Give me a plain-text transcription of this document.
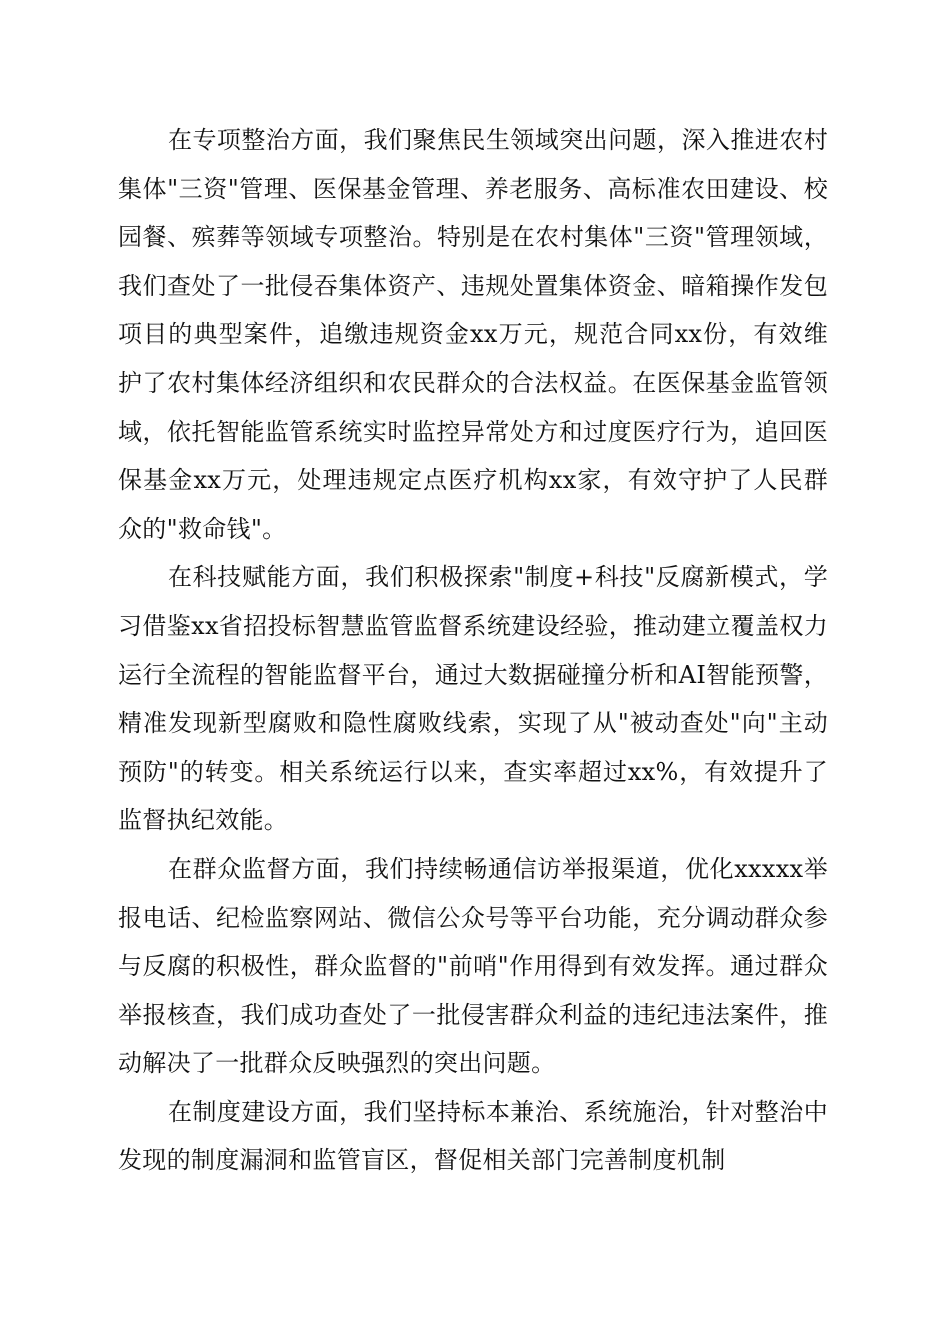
在专项整治方面，我们聚焦民生领域突出问题，深入推进农村集体"三资"管理、医保基金管理、养老服务、高标准农田建设、校园餐、殡葬等领域专项整治。特别是在农村集体"三资"管理领域，我们查处了一批侵吞集体资产、违规处置集体资金、暗箱操作发包项目的典型案件，追缴违规资金xx万元，规范合同xx份，有效维护了农村集体经济组织和农民群众的合法权益。在医保基金监管领域，依托智能监管系统实时监控异常处方和过度医疗行为，追回医保基金xx万元，处理违规定点医疗机构xx家，有效守护了人民群众的"救命钱"。

在科技赋能方面，我们积极探索"制度+科技"反腐新模式，学习借鉴xx省招投标智慧监管监督系统建设经验，推动建立覆盖权力运行全流程的智能监督平台，通过大数据碰撞分析和AI智能预警，精准发现新型腐败和隐性腐败线索，实现了从"被动查处"向"主动预防"的转变。相关系统运行以来，查实率超过xx%，有效提升了监督执纪效能。

在群众监督方面，我们持续畅通信访举报渠道，优化xxxxx举报电话、纪检监察网站、微信公众号等平台功能，充分调动群众参与反腐的积极性，群众监督的"前哨"作用得到有效发挥。通过群众举报核查，我们成功查处了一批侵害群众利益的违纪违法案件，推动解决了一批群众反映强烈的突出问题。

在制度建设方面，我们坚持标本兼治、系统施治，针对整治中发现的制度漏洞和监管盲区，督促相关部门完善制度机制
